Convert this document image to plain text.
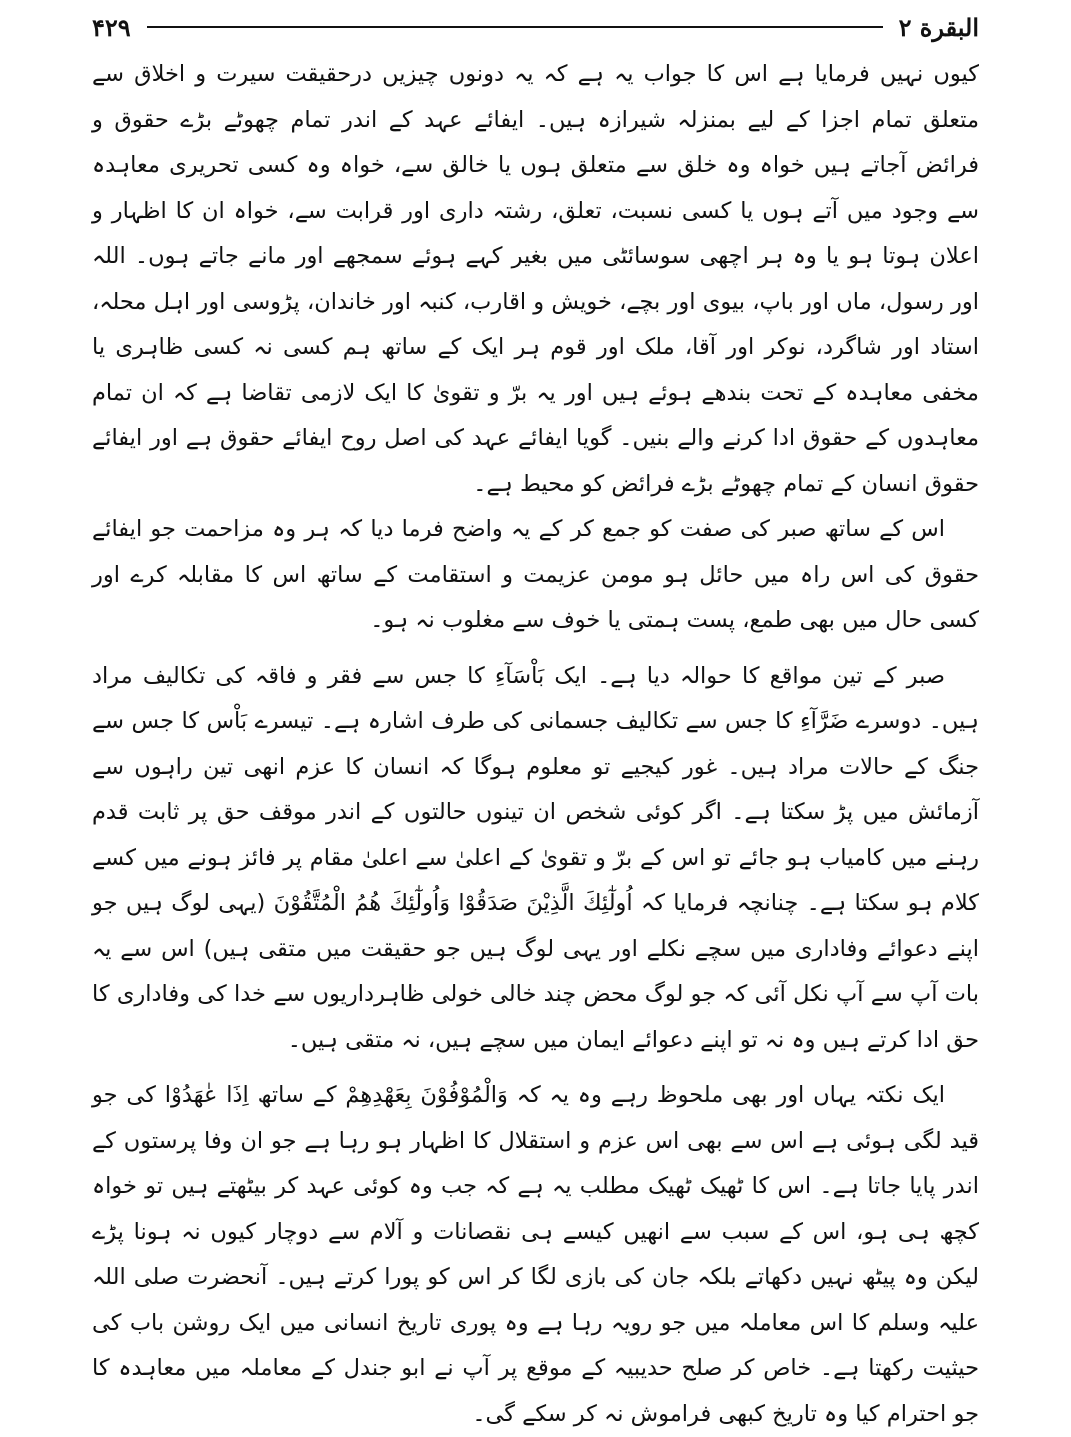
البقرة ۲
۴۲۹

کیوں نہیں فرمایا ہے اس کا جواب یہ ہے کہ یہ دونوں چیزیں درحقیقت سیرت و اخلاق سے متعلق تمام اجزا کے لیے بمنزلہ شیرازہ ہیں۔ ایفائے عہد کے اندر تمام چھوٹے بڑے حقوق و فرائض آجاتے ہیں خواہ وہ خلق سے متعلق ہوں یا خالق سے، خواہ وہ کسی تحریری معاہدہ سے وجود میں آتے ہوں یا کسی نسبت، تعلق، رشتہ داری اور قرابت سے، خواہ ان کا اظہار و اعلان ہوتا ہو یا وہ ہر اچھی سوسائٹی میں بغیر کہے ہوئے سمجھے اور مانے جاتے ہوں۔ اللہ اور رسول، ماں اور باپ، بیوی اور بچے، خویش و اقارب، کنبہ اور خاندان، پڑوسی اور اہل محلہ، استاد اور شاگرد، نوکر اور آقا، ملک اور قوم ہر ایک کے ساتھ ہم کسی نہ کسی ظاہری یا مخفی معاہدہ کے تحت بندھے ہوئے ہیں اور یہ برّ و تقویٰ کا ایک لازمی تقاضا ہے کہ ان تمام معاہدوں کے حقوق ادا کرنے والے بنیں۔ گویا ایفائے عہد کی اصل روح ایفائے حقوق ہے اور ایفائے حقوق انسان کے تمام چھوٹے بڑے فرائض کو محیط ہے۔

اس کے ساتھ صبر کی صفت کو جمع کر کے یہ واضح فرما دیا کہ ہر وہ مزاحمت جو ایفائے حقوق کی اس راہ میں حائل ہو مومن عزیمت و استقامت کے ساتھ اس کا مقابلہ کرے اور کسی حال میں بھی طمع، پست ہمتی یا خوف سے مغلوب نہ ہو۔

صبر کے تین مواقع کا حوالہ دیا ہے۔ ایک بَاْسَآءِ کا جس سے فقر و فاقہ کی تکالیف مراد ہیں۔ دوسرے ضَرَّآءِ کا جس سے تکالیف جسمانی کی طرف اشارہ ہے۔ تیسرے بَاْس کا جس سے جنگ کے حالات مراد ہیں۔ غور کیجیے تو معلوم ہوگا کہ انسان کا عزم انھی تین راہوں سے آزمائش میں پڑ سکتا ہے۔ اگر کوئی شخص ان تینوں حالتوں کے اندر موقف حق پر ثابت قدم رہنے میں کامیاب ہو جائے تو اس کے برّ و تقویٰ کے اعلیٰ سے اعلیٰ مقام پر فائز ہونے میں کسے کلام ہو سکتا ہے۔ چنانچہ فرمایا کہ اُولٰٓئِكَ الَّذِيْنَ صَدَقُوْا وَاُولٰٓئِكَ هُمُ الْمُتَّقُوْنَ (یہی لوگ ہیں جو اپنے دعوائے وفاداری میں سچے نکلے اور یہی لوگ ہیں جو حقیقت میں متقی ہیں) اس سے یہ بات آپ سے آپ نکل آئی کہ جو لوگ محض چند خالی خولی ظاہرداریوں سے خدا کی وفاداری کا حق ادا کرتے ہیں وہ نہ تو اپنے دعوائے ایمان میں سچے ہیں، نہ متقی ہیں۔

ایک نکتہ یہاں اور بھی ملحوظ رہے وہ یہ کہ وَالْمُوْفُوْنَ بِعَهْدِهِمْ کے ساتھ اِذَا عٰهَدُوْا کی جو قید لگی ہوئی ہے اس سے بھی اس عزم و استقلال کا اظہار ہو رہا ہے جو ان وفا پرستوں کے اندر پایا جاتا ہے۔ اس کا ٹھیک ٹھیک مطلب یہ ہے کہ جب وہ کوئی عہد کر بیٹھتے ہیں تو خواہ کچھ ہی ہو، اس کے سبب سے انھیں کیسے ہی نقصانات و آلام سے دوچار کیوں نہ ہونا پڑے لیکن وہ پیٹھ نہیں دکھاتے بلکہ جان کی بازی لگا کر اس کو پورا کرتے ہیں۔ آنحضرت صلی اللہ علیہ وسلم کا اس معاملہ میں جو رویہ رہا ہے وہ پوری تاریخ انسانی میں ایک روشن باب کی حیثیت رکھتا ہے۔ خاص کر صلح حدیبیہ کے موقع پر آپ نے ابو جندل کے معاملہ میں معاہدہ کا جو احترام کیا وہ تاریخ کبھی فراموش نہ کر سکے گی۔
